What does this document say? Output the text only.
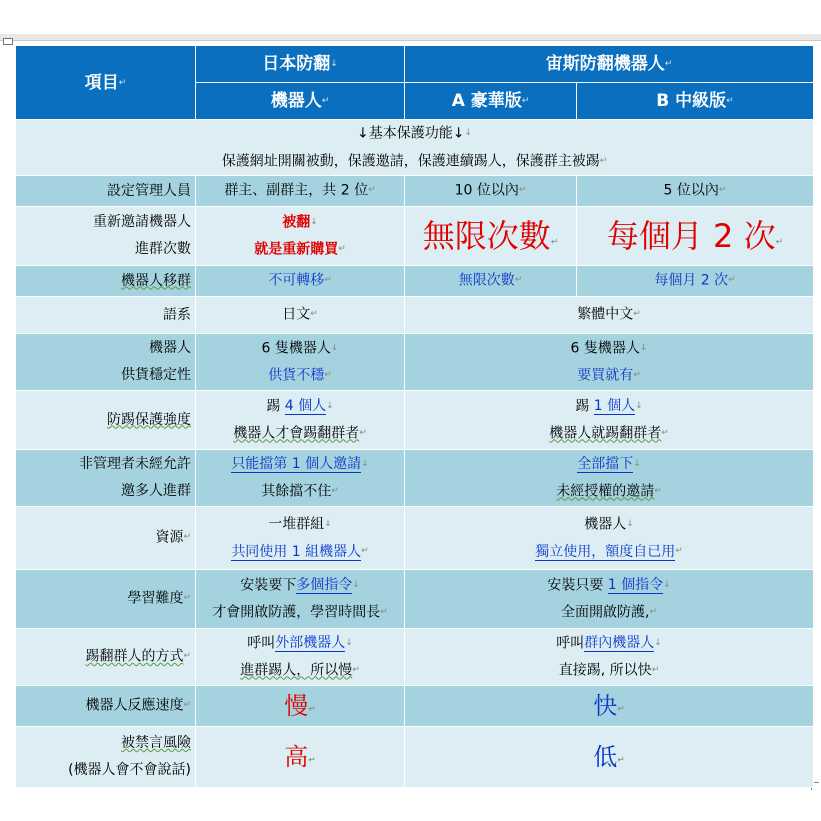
項目↵	日本防翻↓	宙斯防翻機器人↵	
	機器人↵	A 豪華版↵	B 中級版↵

↓基本保護功能↓↓
保護網址開關被動，保護邀請，保護連續踢人，保護群主被踢↵			

設定管理人員	群主、副群主，共 2 位↵	10 位以內↵	5 位以內↵

重新邀請機器人
進群次數	被翻↓
就是重新購買↵	無限次數↵	每個月 2 次↵
機器人移群	不可轉移↵	無限次數↵	每個月 2 次↵
語系	日文↵	繁體中文↵	

機器人
供貨穩定性	6 隻機器人↓
供貨不穩↵	6 隻機器人↓
要買就有↵	

防踢保護強度	踢 4 個人↓
機器人才會踢翻群者↵	踢 1 個人↓
機器人就踢翻群者↵	

非管理者未經允許
邀多人進群	只能擋第 1 個人邀請↓
其餘擋不住↵	全部擋下↓
未經授權的邀請↵	

資源↵	一堆群組↓
共同使用 1 組機器人↵	機器人↓
獨立使用，額度自已用↵	

學習難度↵	安裝要下多個指令↓
才會開啟防護，學習時間長↵	安裝只要 1 個指令↓
全面開啟防護,↵	

踢翻群人的方式↵	呼叫外部機器人↓
進群踢人，所以慢↵	呼叫群內機器人↓
直接踢, 所以快↵	

機器人反應速度↵	慢↵	快↵	

被禁言風險
(機器人會不會說話)	高↵	低↵	
